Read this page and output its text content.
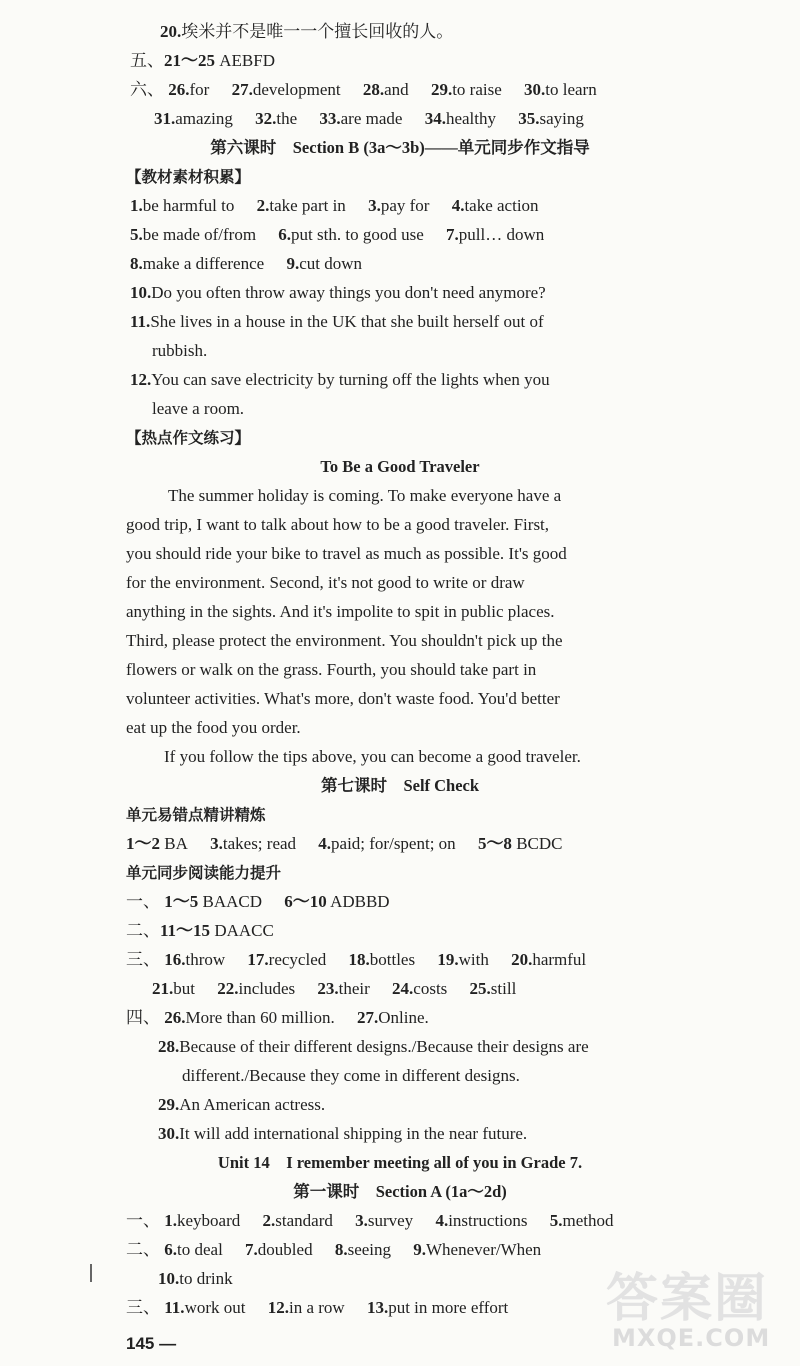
20.埃米并不是唯一一个擅长回收的人。
五、21～25 AEBFD
六、 26.for 27.development 28.and 29.to raise 30.to learn
31.amazing 32.the 33.are made 34.healthy 35.saying
第六课时　Section B (3a～3b)——单元同步作文指导
【教材素材积累】
1.be harmful to 2.take part in 3.pay for 4.take action
5.be made of/from 6.put sth. to good use 7.pull… down
8.make a difference 9.cut down
10.Do you often throw away things you don't need anymore?
11.She lives in a house in the UK that she built herself out of
rubbish.
12.You can save electricity by turning off the lights when you
leave a room.
【热点作文练习】
To Be a Good Traveler
The summer holiday is coming. To make everyone have a
good trip, I want to talk about how to be a good traveler. First,
you should ride your bike to travel as much as possible. It's good
for the environment. Second, it's not good to write or draw
anything in the sights. And it's impolite to spit in public places.
Third, please protect the environment. You shouldn't pick up the
flowers or walk on the grass. Fourth, you should take part in
volunteer activities. What's more, don't waste food. You'd better
eat up the food you order.
If you follow the tips above, you can become a good traveler.
第七课时　Self Check
单元易错点精讲精炼
1～2 BA 3.takes; read 4.paid; for/spent; on 5～8 BCDC
单元同步阅读能力提升
一、 1～5 BAACD 6～10 ADBBD
二、11～15 DAACC
三、 16.throw 17.recycled 18.bottles 19.with 20.harmful
21.but 22.includes 23.their 24.costs 25.still
四、 26.More than 60 million. 27.Online.
28.Because of their different designs./Because their designs are
different./Because they come in different designs.
29.An American actress.
30.It will add international shipping in the near future.
Unit 14　I remember meeting all of you in Grade 7.
第一课时　Section A (1a～2d)
一、 1.keyboard 2.standard 3.survey 4.instructions 5.method
二、 6.to deal 7.doubled 8.seeing 9.Whenever/When
10.to drink
三、 11.work out 12.in a row 13.put in more effort
145 —
答案圈
MXQE.COM
